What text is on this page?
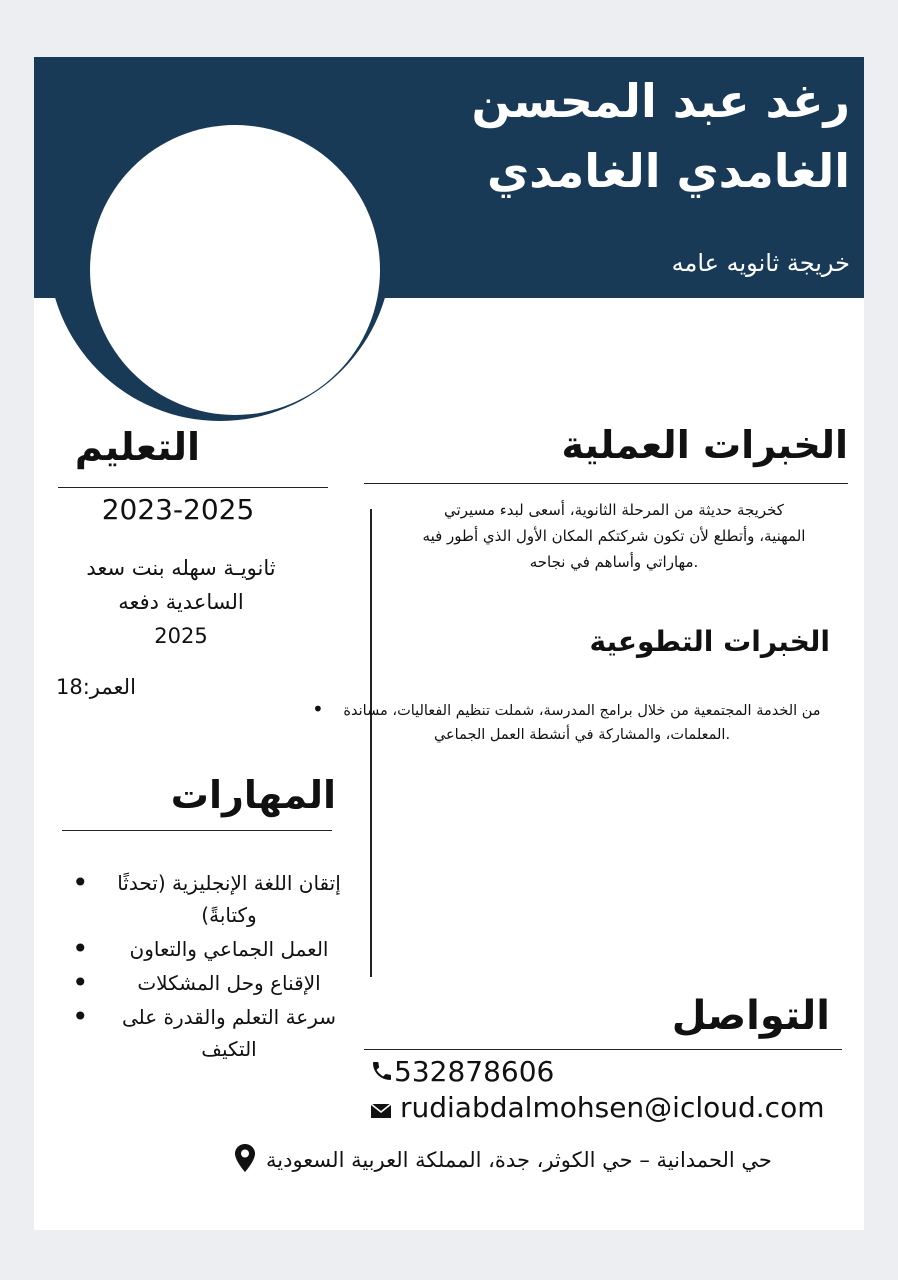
رغد عبد المحسن
الغامدي الغامدي
خريجة ثانويه عامه
التعليم
2023-2025
ثانويـة سهله بنت سعد
الساعدية دفعه
2025
العمر:18
المهارات
• إتقان اللغة الإنجليزية (تحدثًا وكتابةً)
• العمل الجماعي والتعاون
• الإقناع وحل المشكلات
• سرعة التعلم والقدرة على التكيف
الخبرات العملية
كخريجة حديثة من المرحلة الثانوية، أسعى لبدء مسيرتي
المهنية، وأتطلع لأن تكون شركتكم المكان الأول الذي أطور فيه
.مهاراتي وأساهم في نجاحه
الخبرات التطوعية
•	من الخدمة المجتمعية من خلال برامج المدرسة، شملت تنظيم الفعاليات، مساندة
.المعلمات، والمشاركة في أنشطة العمل الجماعي
التواصل
532878606
rudiabdalmohsen@icloud.com
حي الحمدانية – حي الكوثر، جدة، المملكة العربية السعودية
